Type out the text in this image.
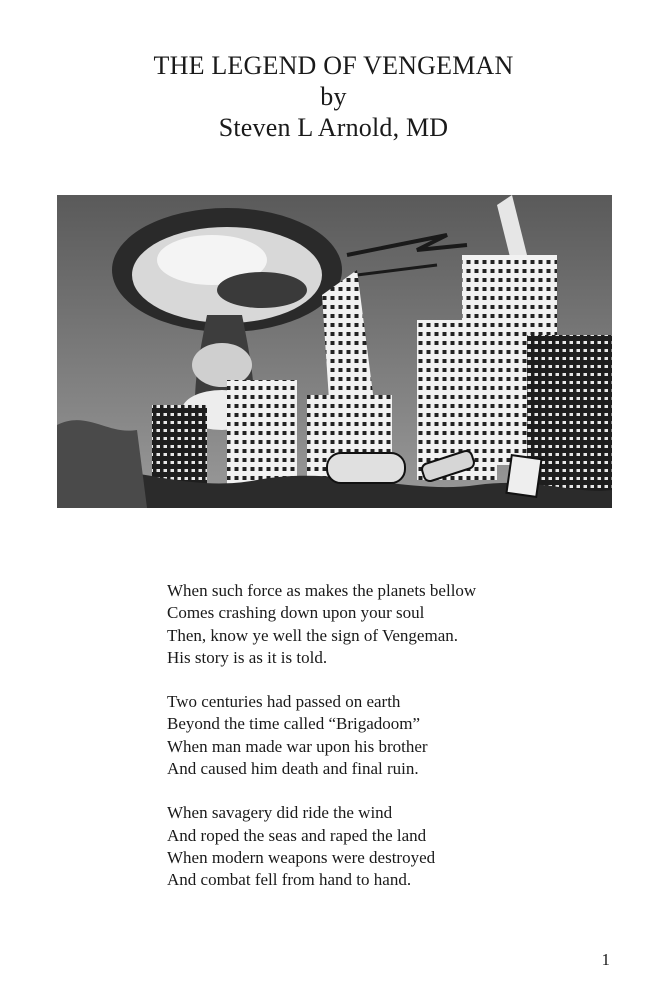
THE LEGEND OF VENGEMAN
by
Steven L Arnold, MD
When such force as makes the planets bellow
Comes crashing down upon your soul
Then, know ye well the sign of Vengeman.
His story is as it is told.
Two centuries had passed on earth
Beyond the time called “Brigadoom”
When man made war upon his brother
And caused him death and final ruin.
When savagery did ride the wind
And roped the seas and raped the land
When modern weapons were destroyed
And combat fell from hand to hand.
1
